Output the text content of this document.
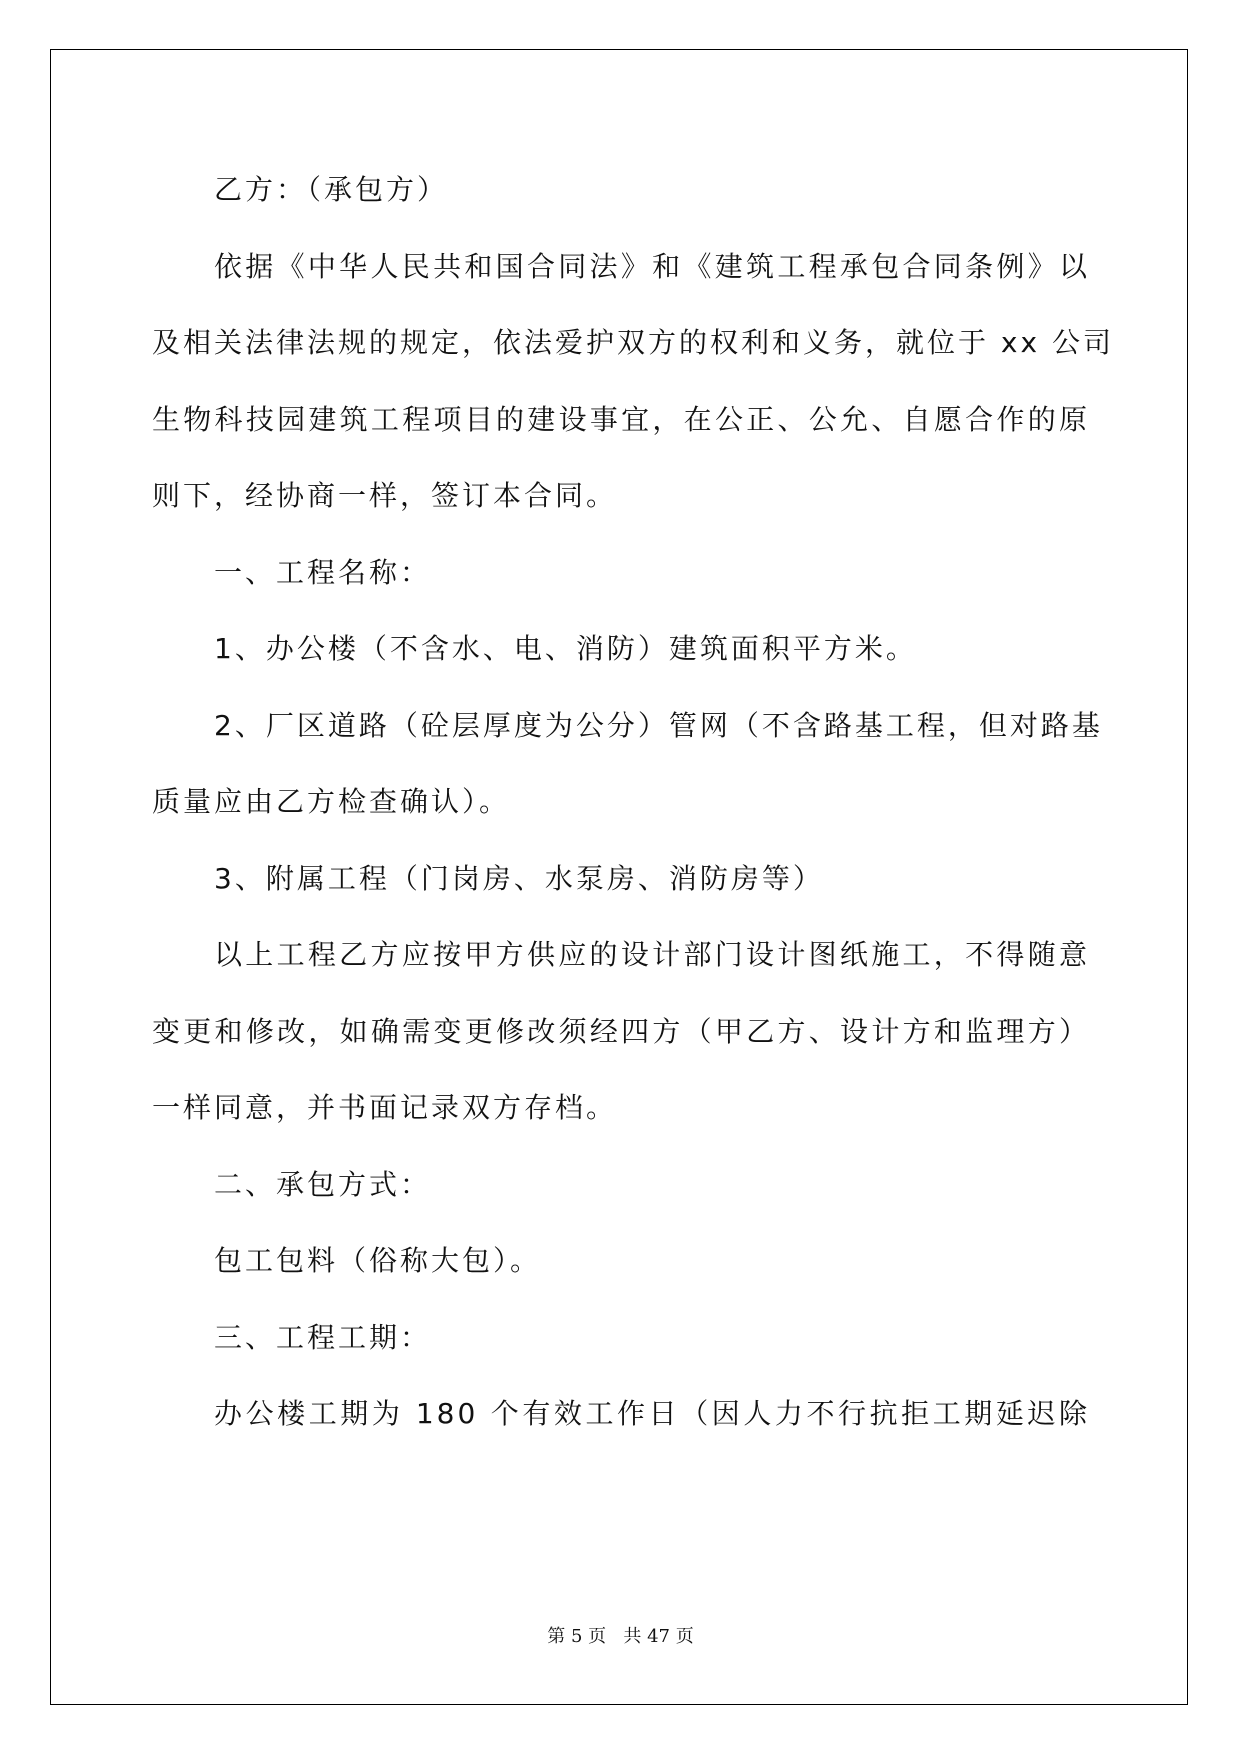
乙方：（承包方）
依据《中华人民共和国合同法》和《建筑工程承包合同条例》以
及相关法律法规的规定，依法爱护双方的权利和义务，就位于 xx 公司
生物科技园建筑工程项目的建设事宜，在公正、公允、自愿合作的原
则下，经协商一样，签订本合同。
一、工程名称：
1、办公楼（不含水、电、消防）建筑面积平方米。
2、厂区道路（砼层厚度为公分）管网（不含路基工程，但对路基
质量应由乙方检查确认）。
3、附属工程（门岗房、水泵房、消防房等）
以上工程乙方应按甲方供应的设计部门设计图纸施工，不得随意
变更和修改，如确需变更修改须经四方（甲乙方、设计方和监理方）
一样同意，并书面记录双方存档。
二、承包方式：
包工包料（俗称大包）。
三、工程工期：
办公楼工期为 180 个有效工作日（因人力不行抗拒工期延迟除
第 5 页 共 47 页
